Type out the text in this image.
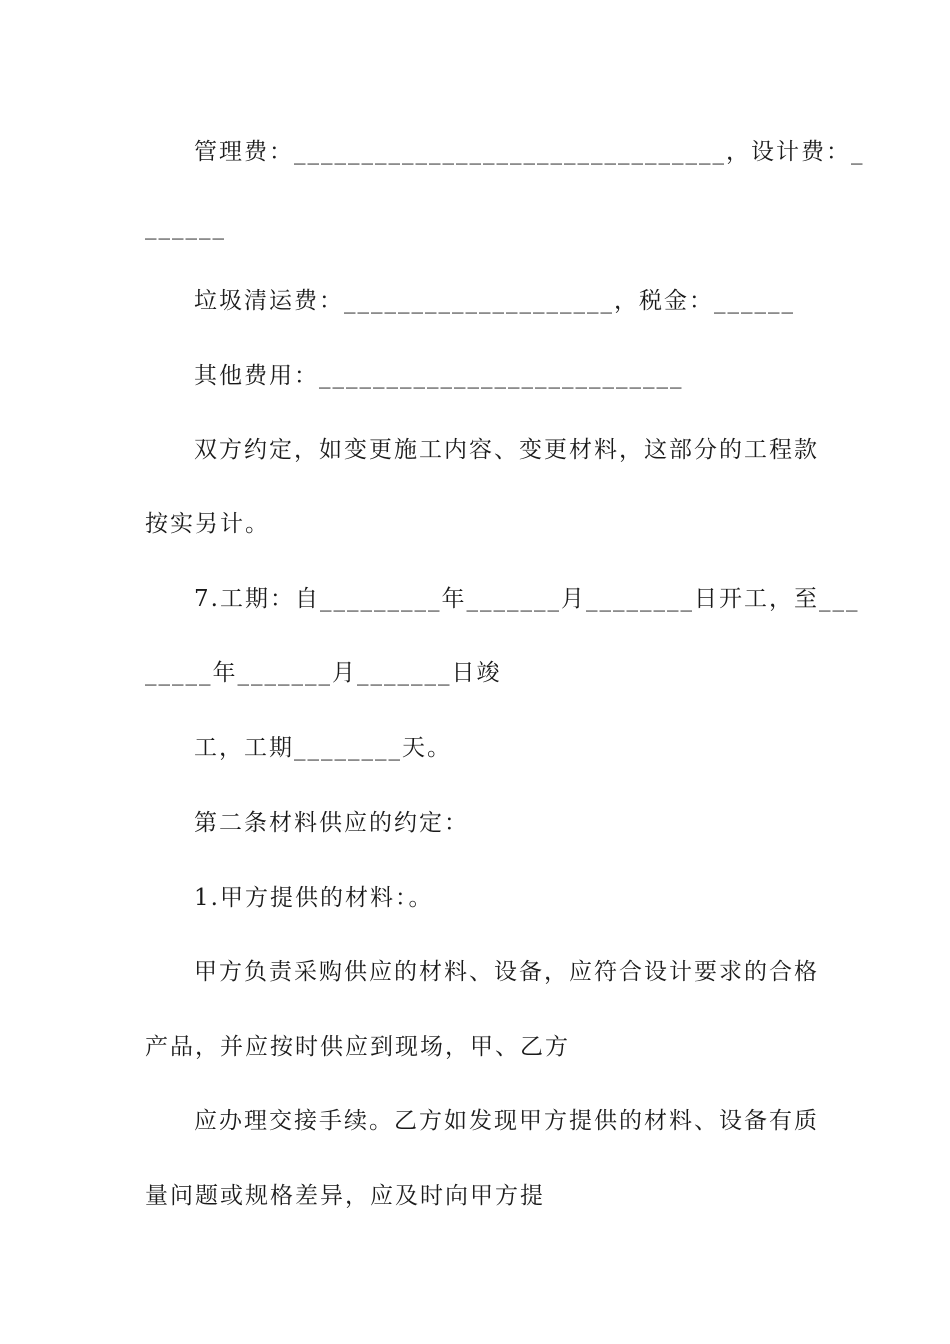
管理费：________________________________，设计费：_
______
垃圾清运费：____________________，税金：______
其他费用：___________________________
双方约定，如变更施工内容、变更材料，这部分的工程款
按实另计。
7.工期：自_________年_______月________日开工，至___
_____年_______月_______日竣
工，工期________天。
第二条材料供应的约定：
1.甲方提供的材料：。
甲方负责采购供应的材料、设备，应符合设计要求的合格
产品，并应按时供应到现场，甲、乙方
应办理交接手续。乙方如发现甲方提供的材料、设备有质
量问题或规格差异，应及时向甲方提
